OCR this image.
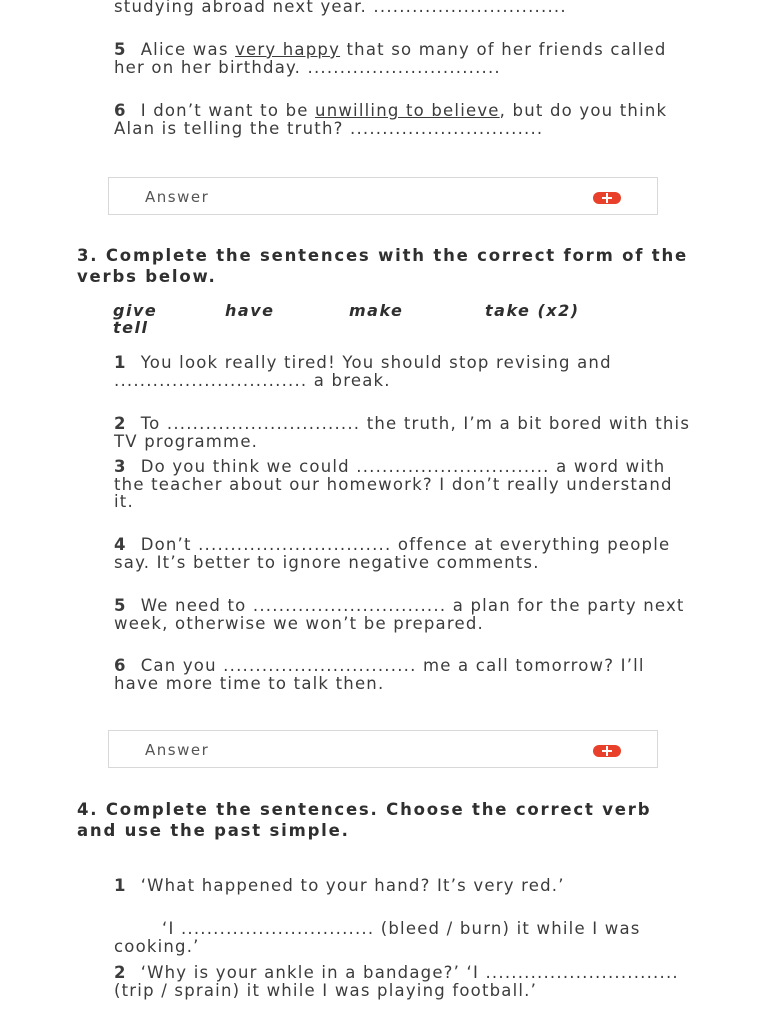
studying abroad next year. ..............................
5 Alice was very happy that so many of her friends called her on her birthday. ..............................
6 I don’t want to be unwilling to believe, but do you think Alan is telling the truth? ..............................
Answer
3. Complete the sentences with the correct form of the verbs below.
give	have	make	take (x2)
tell
1 You look really tired! You should stop revising and .............................. a break.
2 To .............................. the truth, I’m a bit bored with this TV programme.
3 Do you think we could .............................. a word with the teacher about our homework? I don’t really understand it.
4 Don’t .............................. offence at everything people say. It’s better to ignore negative comments.
5 We need to .............................. a plan for the party next week, otherwise we won’t be prepared.
6 Can you .............................. me a call tomorrow? I’ll have more time to talk then.
Answer
4. Complete the sentences. Choose the correct verb and use the past simple.
1 ‘What happened to your hand? It’s very red.’
‘I .............................. (bleed / burn) it while I was cooking.’
2 ‘Why is your ankle in a bandage?’ ‘I .............................. (trip / sprain) it while I was playing football.’
